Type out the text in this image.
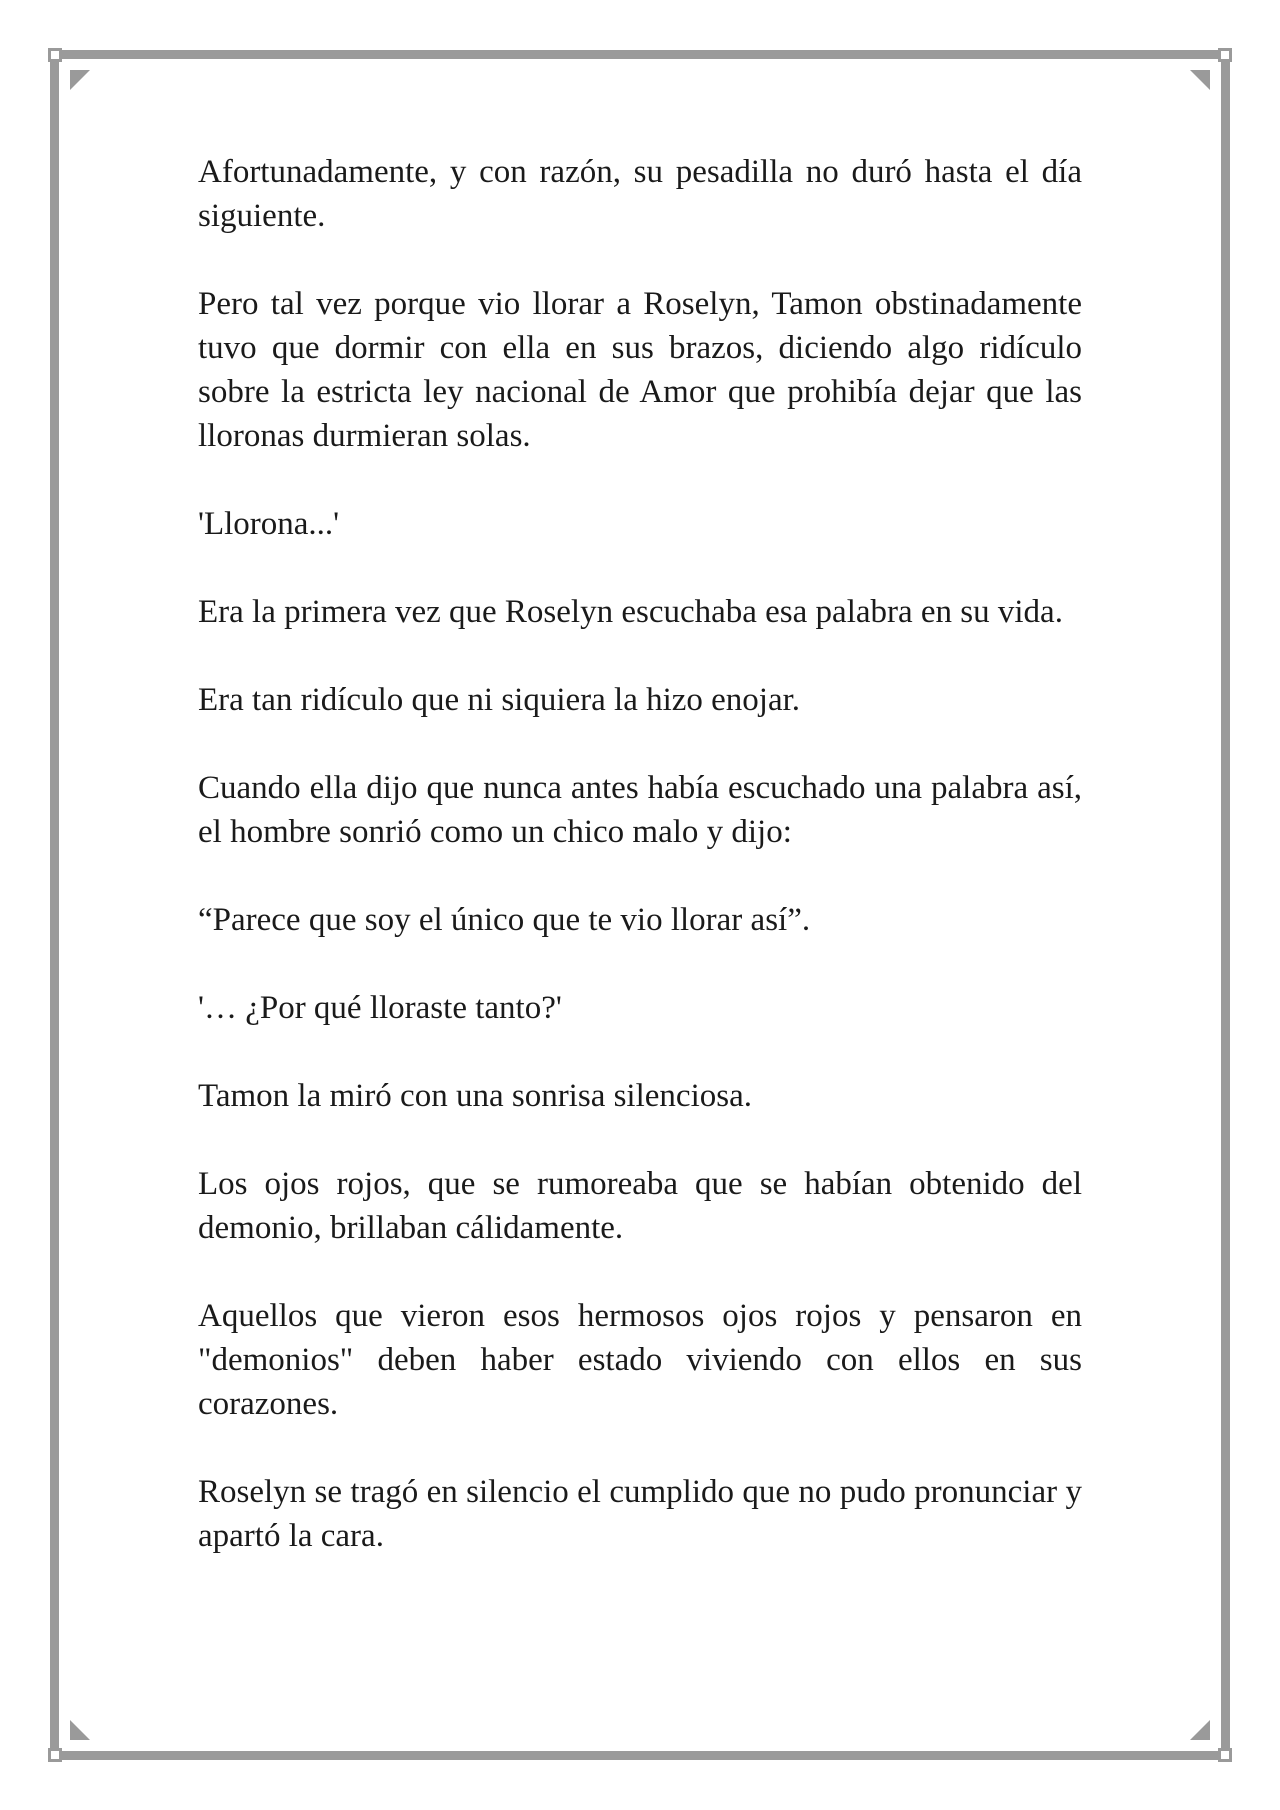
Afortunadamente, y con razón, su pesadilla no duró hasta el día siguiente.

Pero tal vez porque vio llorar a Roselyn, Tamon obstinadamente tuvo que dormir con ella en sus brazos, diciendo algo ridículo sobre la estricta ley nacional de Amor que prohibía dejar que las lloronas durmieran solas.

'Llorona...'

Era la primera vez que Roselyn escuchaba esa palabra en su vida.

Era tan ridículo que ni siquiera la hizo enojar.

Cuando ella dijo que nunca antes había escuchado una palabra así, el hombre sonrió como un chico malo y dijo:

“Parece que soy el único que te vio llorar así”.

'… ¿Por qué lloraste tanto?'

Tamon la miró con una sonrisa silenciosa.

Los ojos rojos, que se rumoreaba que se habían obtenido del demonio, brillaban cálidamente.

Aquellos que vieron esos hermosos ojos rojos y pensaron en "demonios" deben haber estado viviendo con ellos en sus corazones.

Roselyn se tragó en silencio el cumplido que no pudo pronunciar y apartó la cara.
